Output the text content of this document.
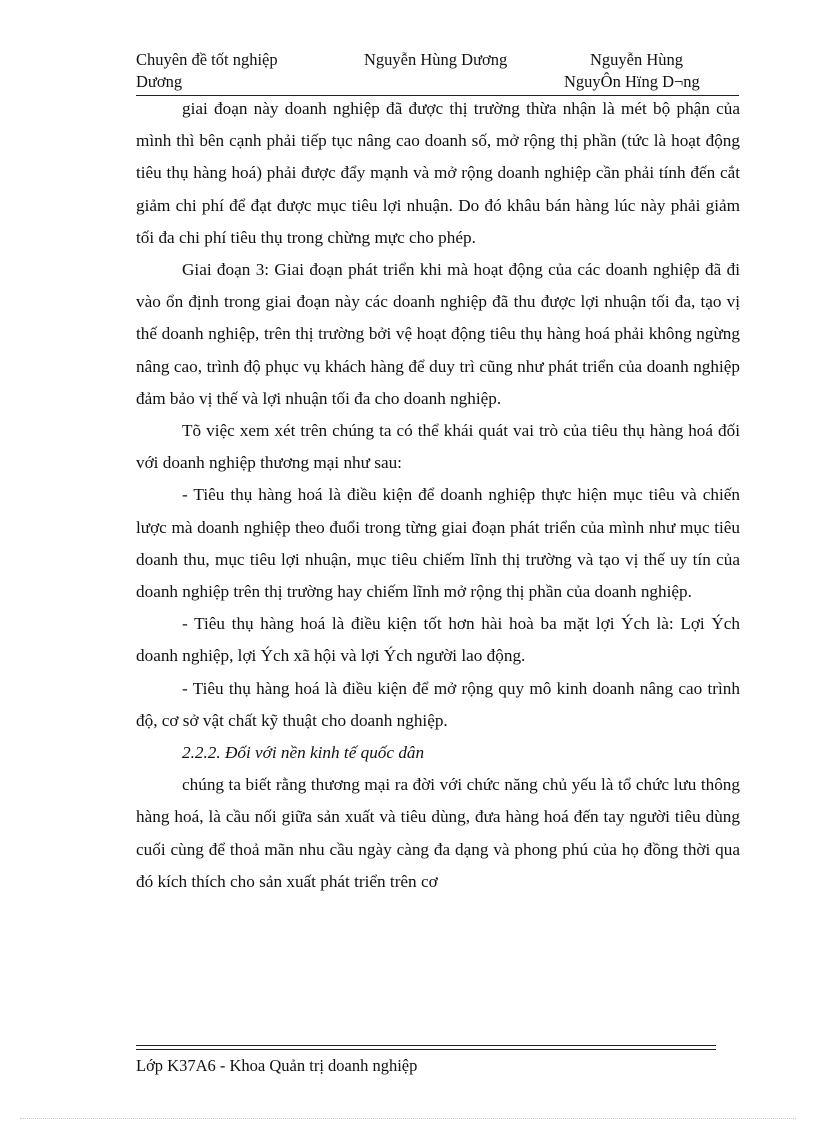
Chuyên đề tốt nghiệp
Dương
Nguyễn Hùng Dương	Nguyễn Hùng
NguyÔn Hïng D¬ng

giai đoạn này doanh nghiệp đã được thị trường thừa nhận là mét bộ phận của mình thì bên cạnh phải tiếp tục nâng cao doanh số, mở rộng thị phần (tức là hoạt động tiêu thụ hàng hoá) phải được đẩy mạnh và mở rộng doanh nghiệp cần phải tính đến cắt giảm chi phí để đạt được mục tiêu lợi nhuận. Do đó khâu bán hàng lúc này phải giảm tối đa chi phí tiêu thụ trong chừng mực cho phép.

Giai đoạn 3: Giai đoạn phát triển khi mà hoạt động của các doanh nghiệp đã đi vào ổn định trong giai đoạn này các doanh nghiệp đã thu được lợi nhuận tối đa, tạo vị thế doanh nghiệp, trên thị trường bởi vệ hoạt động tiêu thụ hàng hoá phải không ngừng nâng cao, trình độ phục vụ khách hàng để duy trì cũng như phát triển của doanh nghiệp đảm bảo vị thế và lợi nhuận tối đa cho doanh nghiệp.

Tõ việc xem xét trên chúng ta có thể khái quát vai trò của tiêu thụ hàng hoá đối với doanh nghiệp thương mại như sau:

- Tiêu thụ hàng hoá là điều kiện để doanh nghiệp thực hiện mục tiêu và chiến lược mà doanh nghiệp theo đuổi trong từng giai đoạn phát triển của mình như mục tiêu doanh thu, mục tiêu lợi nhuận, mục tiêu chiếm lĩnh thị trường và tạo vị thế uy tín của doanh nghiệp trên thị trường hay chiếm lĩnh mở rộng thị phần của doanh nghiệp.

- Tiêu thụ hàng hoá là điều kiện tốt hơn hài hoà ba mặt lợi Ých là: Lợi Ých doanh nghiệp, lợi Ých xã hội và lợi Ých người lao động.

- Tiêu thụ hàng hoá là điều kiện để mở rộng quy mô kinh doanh nâng cao trình độ, cơ sở vật chất kỹ thuật cho doanh nghiệp.

2.2.2. Đối với nền kinh tế quốc dân

chúng ta biết rằng thương mại ra đời với chức năng chủ yếu là tổ chức lưu thông hàng hoá, là cầu nối giữa sản xuất và tiêu dùng, đưa hàng hoá đến tay người tiêu dùng cuối cùng để thoả mãn nhu cầu ngày càng đa dạng và phong phú của họ đồng thời qua đó kích thích cho sản xuất phát triển trên cơ

Lớp K37A6 - Khoa Quản trị doanh nghiệp
